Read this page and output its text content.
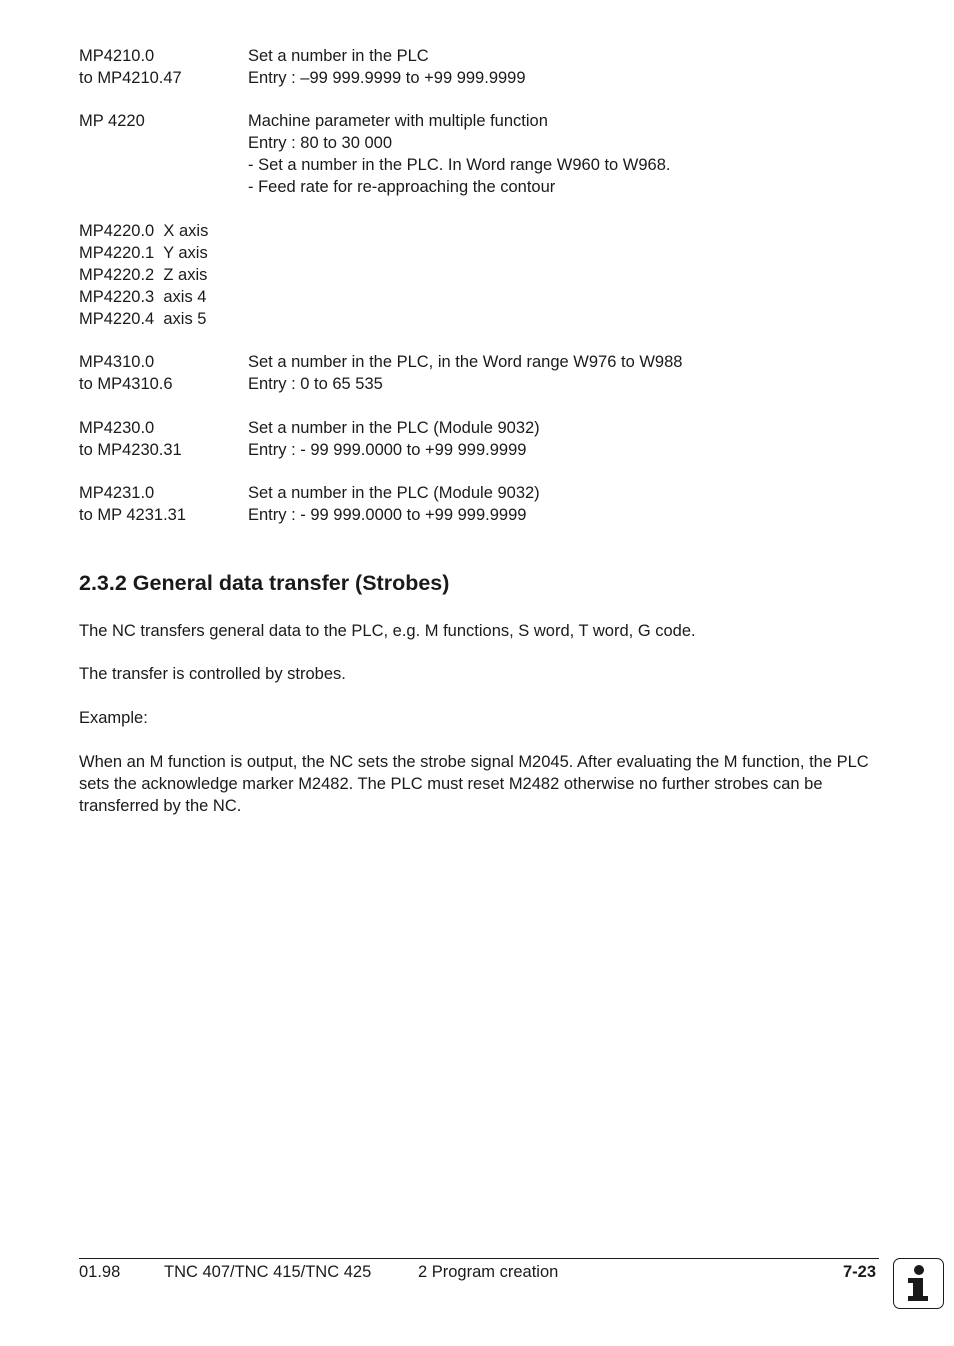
MP4210.0	Set a number in the PLC
to MP4210.47	Entry : –99 999.9999 to +99 999.9999
MP 4220	Machine parameter with multiple function
Entry : 80 to 30 000
- Set a number in the PLC. In Word range W960 to W968.
- Feed rate for re-approaching the contour
MP4220.0  X axis
MP4220.1  Y axis
MP4220.2  Z axis
MP4220.3  axis 4
MP4220.4  axis 5
MP4310.0	Set a number in the PLC, in the Word range W976 to W988
to MP4310.6	Entry : 0 to 65 535
MP4230.0	Set a number in the PLC (Module 9032)
to MP4230.31	Entry : - 99 999.0000 to +99 999.9999
MP4231.0	Set a number in the PLC (Module 9032)
to MP 4231.31	Entry : - 99 999.0000 to +99 999.9999
2.3.2 General data transfer (Strobes)

The NC transfers general data to the PLC, e.g. M functions, S word, T word, G code.

The transfer is controlled by strobes.

Example:

When an M function is output, the NC sets the strobe signal M2045. After evaluating the M function, the PLC sets the acknowledge marker M2482. The PLC must reset M2482 otherwise no further strobes can be transferred by the NC.

01.98	TNC 407/TNC 415/TNC 425	2 Program creation	7-23
